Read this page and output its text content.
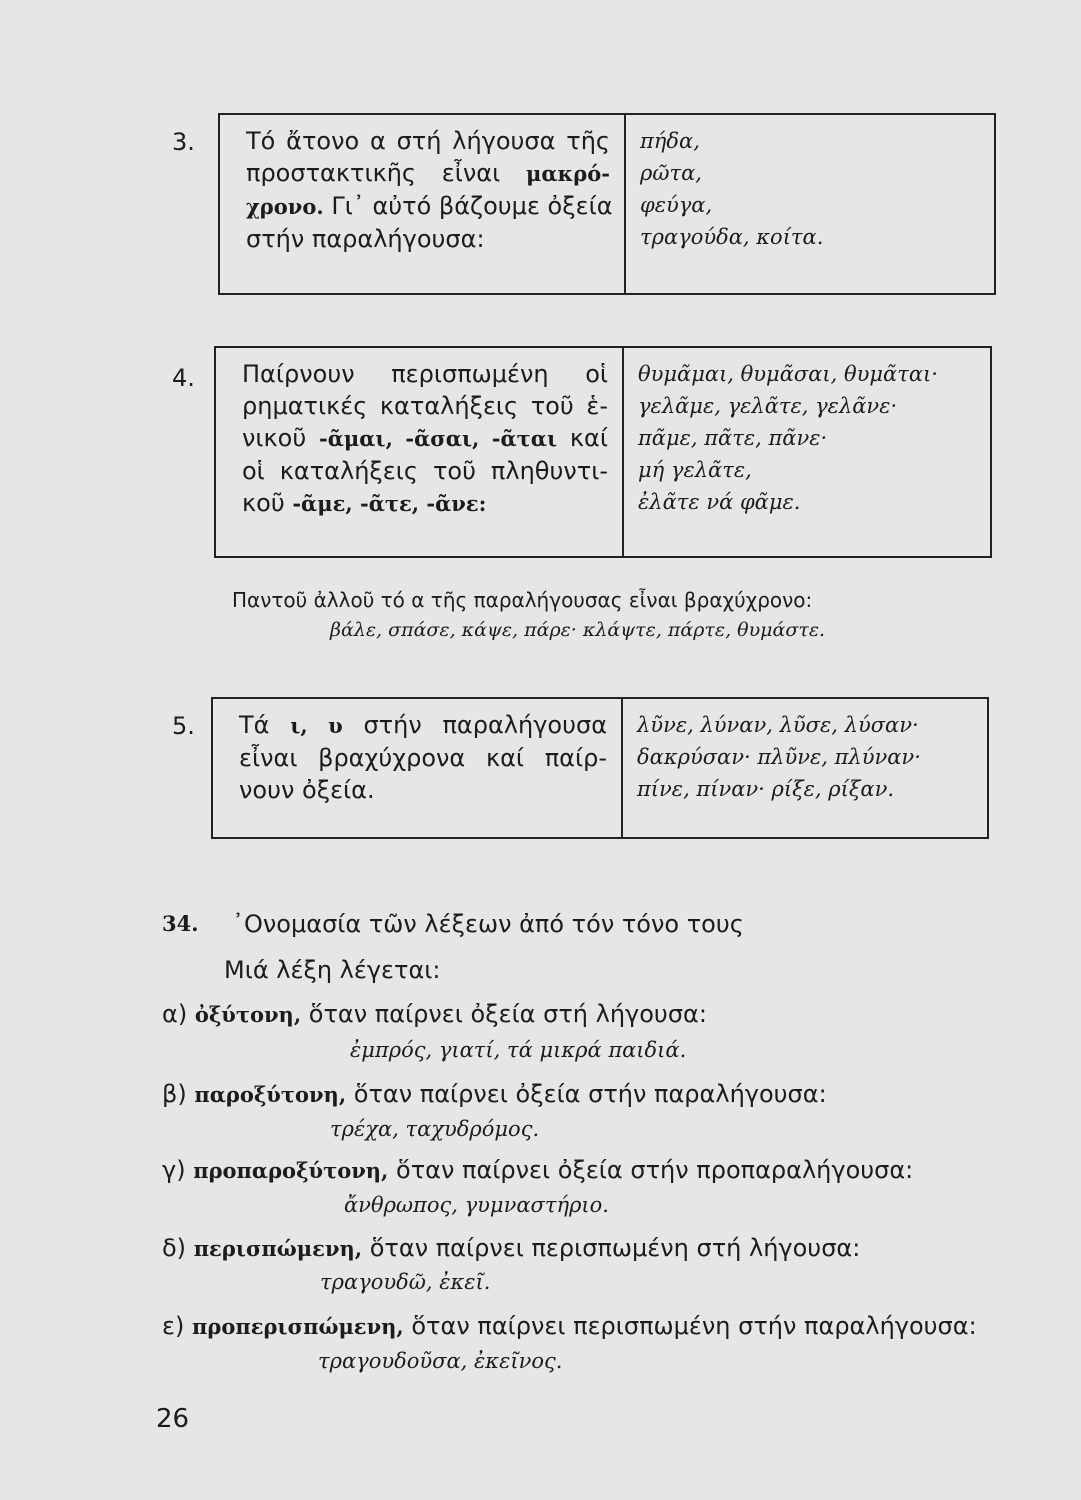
3. Τό ἄτονο α στή λήγουσα τῆς
προστακτικῆς εἶναι μακρό-
χρονο. Γι᾽ αὐτό βάζουμε ὀξεία
στήν παραλήγουσα:
πήδα,
ρῶτα,
φεύγα,
τραγούδα, κοίτα.
4. Παίρνουν περισπωμένη οἱ
ρηματικές καταλήξεις τοῦ ἑ-
νικοῦ -ᾶμαι, -ᾶσαι, -ᾶται καί
οἱ καταλήξεις τοῦ πληθυντι-
κοῦ -ᾶμε, -ᾶτε, -ᾶνε:
θυμᾶμαι, θυμᾶσαι, θυμᾶται·
γελᾶμε, γελᾶτε, γελᾶνε·
πᾶμε, πᾶτε, πᾶνε·
μή γελᾶτε,
ἐλᾶτε νά φᾶμε.
Παντοῦ ἀλλοῦ τό α τῆς παραλήγουσας εἶναι βραχύχρονο:
βάλε, σπάσε, κάψε, πάρε· κλάψτε, πάρτε, θυμάστε.
5. Τά ι, υ στήν παραλήγουσα
εἶναι βραχύχρονα καί παίρ-
νουν ὀξεία.
λῦνε, λύναν, λῦσε, λύσαν·
δακρύσαν· πλῦνε, πλύναν·
πίνε, πίναν· ρίξε, ρίξαν.
34. ᾿Ονομασία τῶν λέξεων ἀπό τόν τόνο τους
Μιά λέξη λέγεται:
α) ὀξύτονη, ὅταν παίρνει ὀξεία στή λήγουσα:
ἐμπρός, γιατί, τά μικρά παιδιά.
β) παροξύτονη, ὅταν παίρνει ὀξεία στήν παραλήγουσα:
τρέχα, ταχυδρόμος.
γ) προπαροξύτονη, ὅταν παίρνει ὀξεία στήν προπαραλήγουσα:
ἄνθρωπος, γυμναστήριο.
δ) περισπώμενη, ὅταν παίρνει περισπωμένη στή λήγουσα:
τραγουδῶ, ἐκεῖ.
ε) προπερισπώμενη, ὅταν παίρνει περισπωμένη στήν παραλήγουσα:
τραγουδοῦσα, ἐκεῖνος.
26
